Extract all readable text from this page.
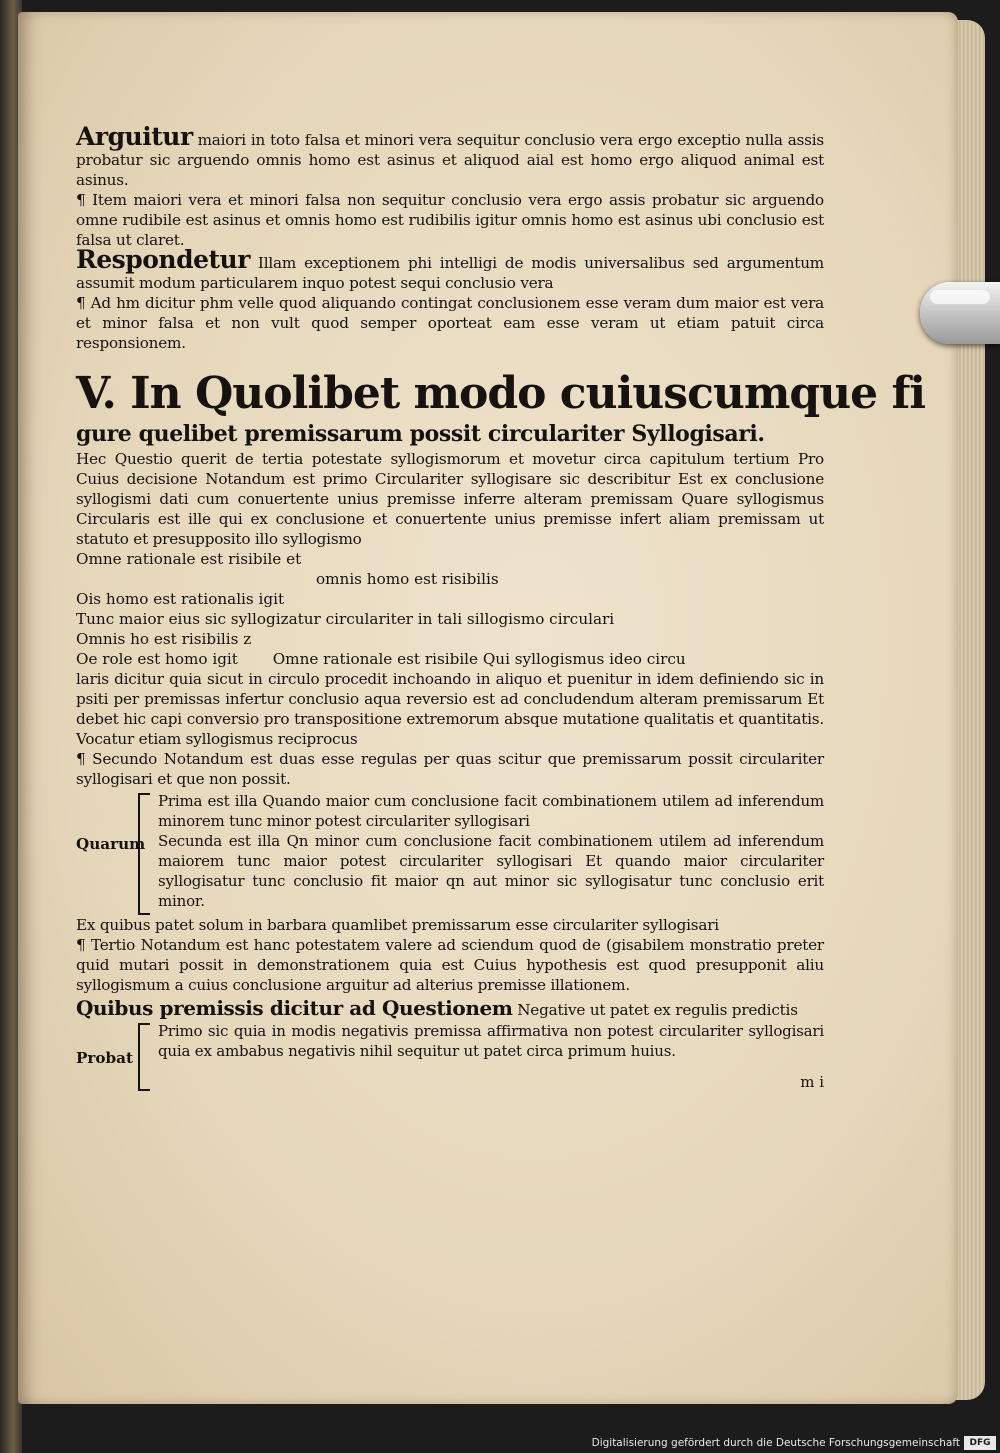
Arguitur maiori in toto falsa et minori vera sequitur conclusio vera ergo exceptio nulla assis probatur sic arguendo omnis homo est asinus et aliquod aial est homo ergo aliquod animal est asinus.

¶ Item maiori vera et minori falsa non sequitur conclusio vera ergo assis probatur sic arguendo omne rudibile est asinus et omnis homo est rudibilis igitur omnis homo est asinus ubi conclusio est falsa ut claret.

Respondetur Illam exceptionem phi intelligi de modis universalibus sed argumentum assumit modum particularem inquo potest sequi conclusio vera

¶ Ad hm dicitur phm velle quod aliquando contingat conclusionem esse veram dum maior est vera et minor falsa et non vult quod semper oporteat eam esse veram ut etiam patuit circa responsionem.

V. In Quolibet modo cuiuscumque fi
gure quelibet premissarum possit circulariter Syllogisari.

Hec Questio querit de tertia potestate syllogismorum et movetur circa capitulum tertium Pro Cuius decisione Notandum est primo Circulariter syllogisare sic describitur Est ex conclusione syllogismi dati cum conuertente unius premisse inferre alteram premissam Quare syllogismus Circularis est ille qui ex conclusione et conuertente unius premisse infert aliam premissam ut statuto et presupposito illo syllogismo

Omne rationale est risibile et

omnis homo est risibilis

Ois homo est rationalis igit

Tunc maior eius sic syllogizatur circulariter in tali sillogismo circulari

Omnis ho est risibilis z

Oe role est homo igit Omne rationale est risibile Qui syllogismus ideo circu

laris dicitur quia sicut in circulo procedit inchoando in aliquo et puenitur in idem definiendo sic in psiti per premissas infertur conclusio aqua reversio est ad concludendum alteram premissarum Et debet hic capi conversio pro transpositione extremorum absque mutatione qualitatis et quantitatis. Vocatur etiam syllogismus reciprocus

¶ Secundo Notandum est duas esse regulas per quas scitur que premissarum possit circulariter syllogisari et que non possit.

Quarum

Prima est illa Quando maior cum conclusione facit combinationem utilem ad inferendum minorem tunc minor potest circulariter syllogisari

Secunda est illa Qn minor cum conclusione facit combinationem utilem ad inferendum maiorem tunc maior potest circulariter syllogisari Et quando maior circulariter syllogisatur tunc conclusio fit maior qn aut minor sic syllogisatur tunc conclusio erit minor.

Ex quibus patet solum in barbara quamlibet premissarum esse circulariter syllogisari

¶ Tertio Notandum est hanc potestatem valere ad sciendum quod de (gisabilem monstratio preter quid mutari possit in demonstrationem quia est Cuius hypothesis est quod presupponit aliu syllogismum a cuius conclusione arguitur ad alterius premisse illationem.

Quibus premissis dicitur ad Questionem Negative ut patet ex regulis predictis

Probat

Primo sic quia in modis negativis premissa affirmativa non potest circulariter syllogisari quia ex ambabus negativis nihil sequitur ut patet circa primum huius.

m i
Digitalisierung gefördert durch die Deutsche Forschungsgemeinschaft	DFG
